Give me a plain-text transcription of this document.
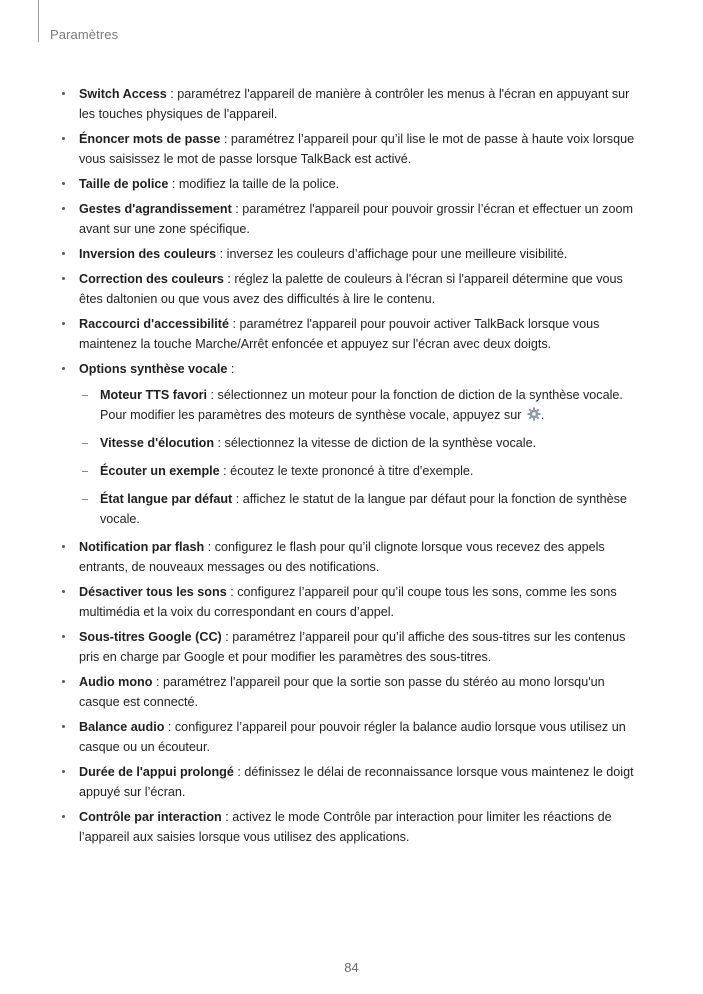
Paramètres
Switch Access : paramétrez l'appareil de manière à contrôler les menus à l'écran en appuyant sur les touches physiques de l'appareil.
Énoncer mots de passe : paramétrez l’appareil pour qu’il lise le mot de passe à haute voix lorsque vous saisissez le mot de passe lorsque TalkBack est activé.
Taille de police : modifiez la taille de la police.
Gestes d'agrandissement : paramétrez l'appareil pour pouvoir grossir l’écran et effectuer un zoom avant sur une zone spécifique.
Inversion des couleurs : inversez les couleurs d’affichage pour une meilleure visibilité.
Correction des couleurs : réglez la palette de couleurs à l'écran si l'appareil détermine que vous êtes daltonien ou que vous avez des difficultés à lire le contenu.
Raccourci d'accessibilité : paramétrez l'appareil pour pouvoir activer TalkBack lorsque vous maintenez la touche Marche/Arrêt enfoncée et appuyez sur l'écran avec deux doigts.
Options synthèse vocale :
Moteur TTS favori : sélectionnez un moteur pour la fonction de diction de la synthèse vocale. Pour modifier les paramètres des moteurs de synthèse vocale, appuyez sur .
Vitesse d'élocution : sélectionnez la vitesse de diction de la synthèse vocale.
Écouter un exemple : écoutez le texte prononcé à titre d'exemple.
État langue par défaut : affichez le statut de la langue par défaut pour la fonction de synthèse vocale.
Notification par flash : configurez le flash pour qu’il clignote lorsque vous recevez des appels entrants, de nouveaux messages ou des notifications.
Désactiver tous les sons : configurez l’appareil pour qu’il coupe tous les sons, comme les sons multimédia et la voix du correspondant en cours d’appel.
Sous-titres Google (CC) : paramétrez l’appareil pour qu’il affiche des sous-titres sur les contenus pris en charge par Google et pour modifier les paramètres des sous-titres.
Audio mono : paramétrez l'appareil pour que la sortie son passe du stéréo au mono lorsqu'un casque est connecté.
Balance audio : configurez l’appareil pour pouvoir régler la balance audio lorsque vous utilisez un casque ou un écouteur.
Durée de l'appui prolongé : définissez le délai de reconnaissance lorsque vous maintenez le doigt appuyé sur l’écran.
Contrôle par interaction : activez le mode Contrôle par interaction pour limiter les réactions de l’appareil aux saisies lorsque vous utilisez des applications.
84
